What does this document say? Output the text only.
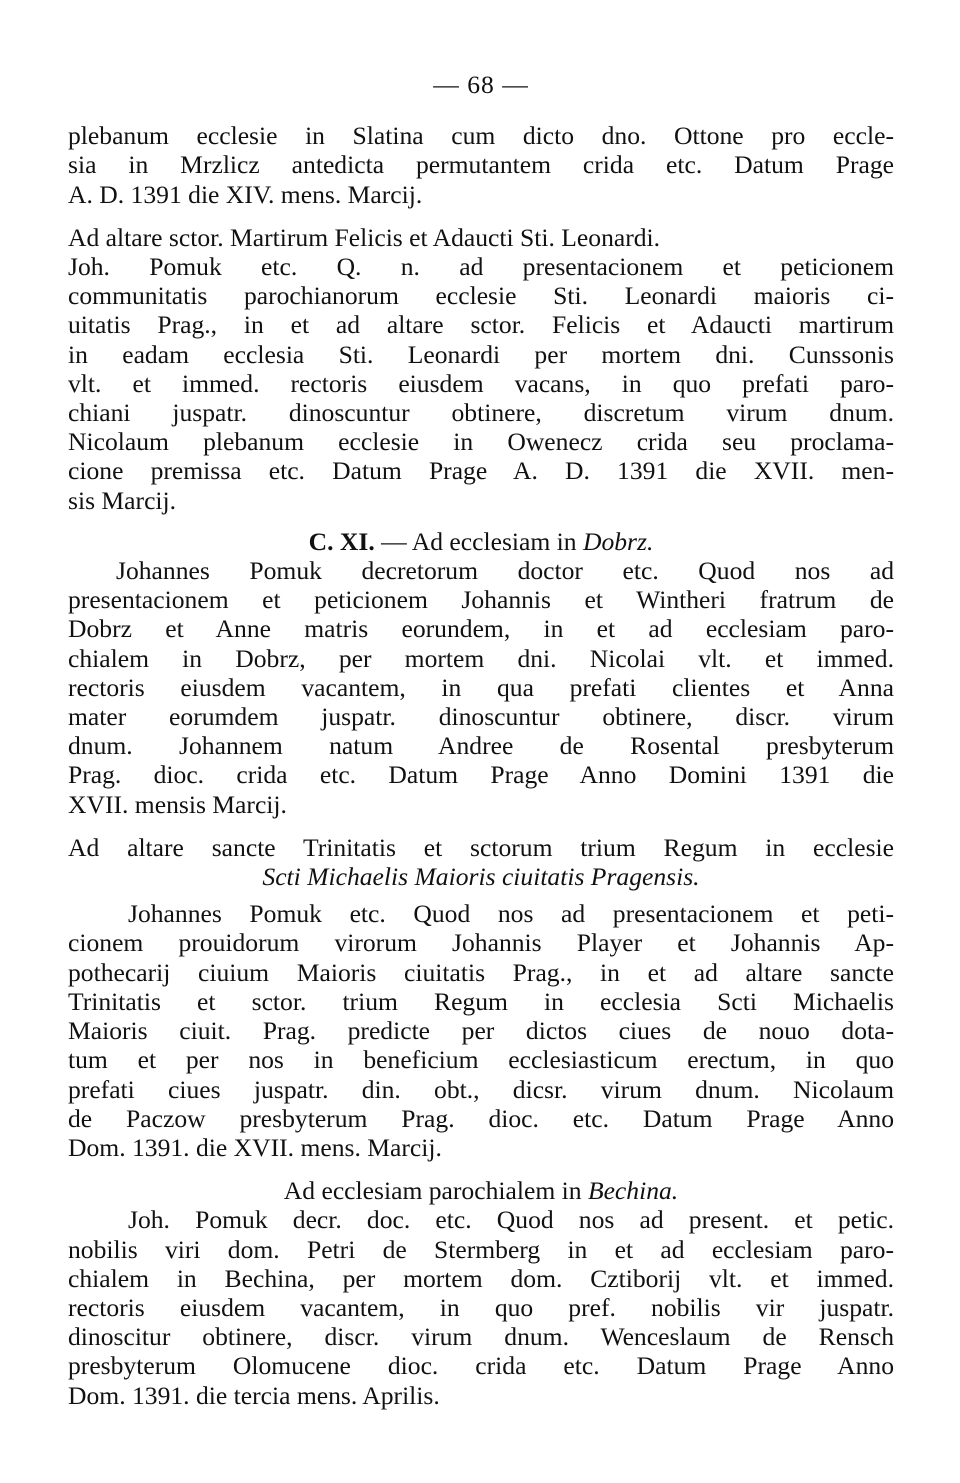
— 68 —
plebanum ecclesie in Slatina cum dicto dno. Ottone pro eccle-
sia in Mrzlicz antedicta permutantem crida etc. Datum Prage
A. D. 1391 die XIV. mens. Marcij.
Ad altare sctor. Martirum Felicis et Adaucti Sti. Leonardi.
Joh. Pomuk etc. Q. n. ad presentacionem et peticionem
communitatis parochianorum ecclesie Sti. Leonardi maioris ci-
uitatis Prag., in et ad altare sctor. Felicis et Adaucti martirum
in eadam ecclesia Sti. Leonardi per mortem dni. Cunssonis
vlt. et immed. rectoris eiusdem vacans, in quo prefati paro-
chiani juspatr. dinoscuntur obtinere, discretum virum dnum.
Nicolaum plebanum ecclesie in Owenecz crida seu proclama-
cione premissa etc. Datum Prage A. D. 1391 die XVII. men-
sis Marcij.
C. XI. — Ad ecclesiam in Dobrz.
Johannes Pomuk decretorum doctor etc. Quod nos ad
presentacionem et peticionem Johannis et Wintheri fratrum de
Dobrz et Anne matris eorundem, in et ad ecclesiam paro-
chialem in Dobrz, per mortem dni. Nicolai vlt. et immed.
rectoris eiusdem vacantem, in qua prefati clientes et Anna
mater eorumdem juspatr. dinoscuntur obtinere, discr. virum
dnum. Johannem natum Andree de Rosental presbyterum
Prag. dioc. crida etc. Datum Prage Anno Domini 1391 die
XVII. mensis Marcij.
Ad altare sancte Trinitatis et sctorum trium Regum in ecclesie
Scti Michaelis Maioris ciuitatis Pragensis.
Johannes Pomuk etc. Quod nos ad presentacionem et peti-
cionem prouidorum virorum Johannis Player et Johannis Ap-
pothecarij ciuium Maioris ciuitatis Prag., in et ad altare sancte
Trinitatis et sctor. trium Regum in ecclesia Scti Michaelis
Maioris ciuit. Prag. predicte per dictos ciues de nouo dota-
tum et per nos in beneficium ecclesiasticum erectum, in quo
prefati ciues juspatr. din. obt., dicsr. virum dnum. Nicolaum
de Paczow presbyterum Prag. dioc. etc. Datum Prage Anno
Dom. 1391. die XVII. mens. Marcij.
Ad ecclesiam parochialem in Bechina.
Joh. Pomuk decr. doc. etc. Quod nos ad present. et petic.
nobilis viri dom. Petri de Stermberg in et ad ecclesiam paro-
chialem in Bechina, per mortem dom. Cztiborij vlt. et immed.
rectoris eiusdem vacantem, in quo pref. nobilis vir juspatr.
dinoscitur obtinere, discr. virum dnum. Wenceslaum de Rensch
presbyterum Olomucene dioc. crida etc. Datum Prage Anno
Dom. 1391. die tercia mens. Aprilis.
